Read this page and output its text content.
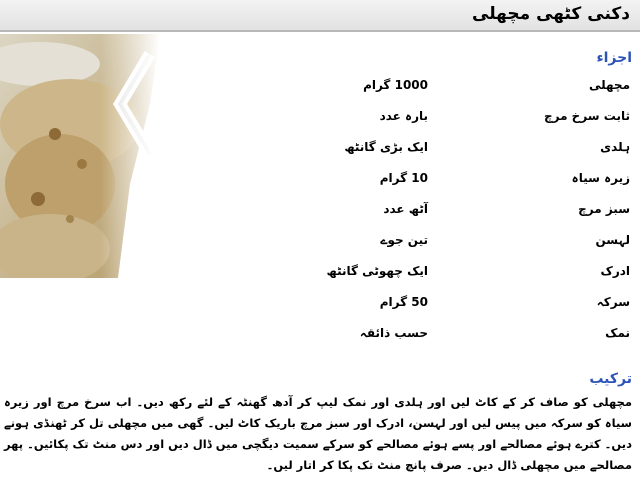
دکنی کٹھی مچھلی
اجزاء
مچھلی
1000 گرام
ثابت سرخ مرچ
بارہ عدد
ہلدی
ایک بڑی گانٹھ
زیرہ سیاہ
10 گرام
سبز مرچ
آٹھ عدد
لہسن
تین جوے
ادرک
ایک چھوٹی گانٹھ
سرکہ
50 گرام
نمک
حسب ذائقہ
ترکیب

مچھلی کو صاف کر کے کاٹ لیں اور ہلدی اور نمک لیپ کر آدھ گھنٹہ کے لئے رکھ دیں۔ اب سرخ مرچ اور زیرہ سیاہ کو سرکہ میں پیس لیں اور لہسن، ادرک اور سبز مرچ باریک کاٹ لیں۔ گھی میں مچھلی تل کر ٹھنڈی ہونے دیں۔ کترے ہوئے مصالحے اور پسے ہوئے مصالحے کو سرکے سمیت دیگچی میں ڈال دیں اور دس منٹ تک پکائیں۔ پھر مصالحے میں مچھلی ڈال دیں۔ صرف پانچ منٹ تک پکا کر اتار لیں۔
